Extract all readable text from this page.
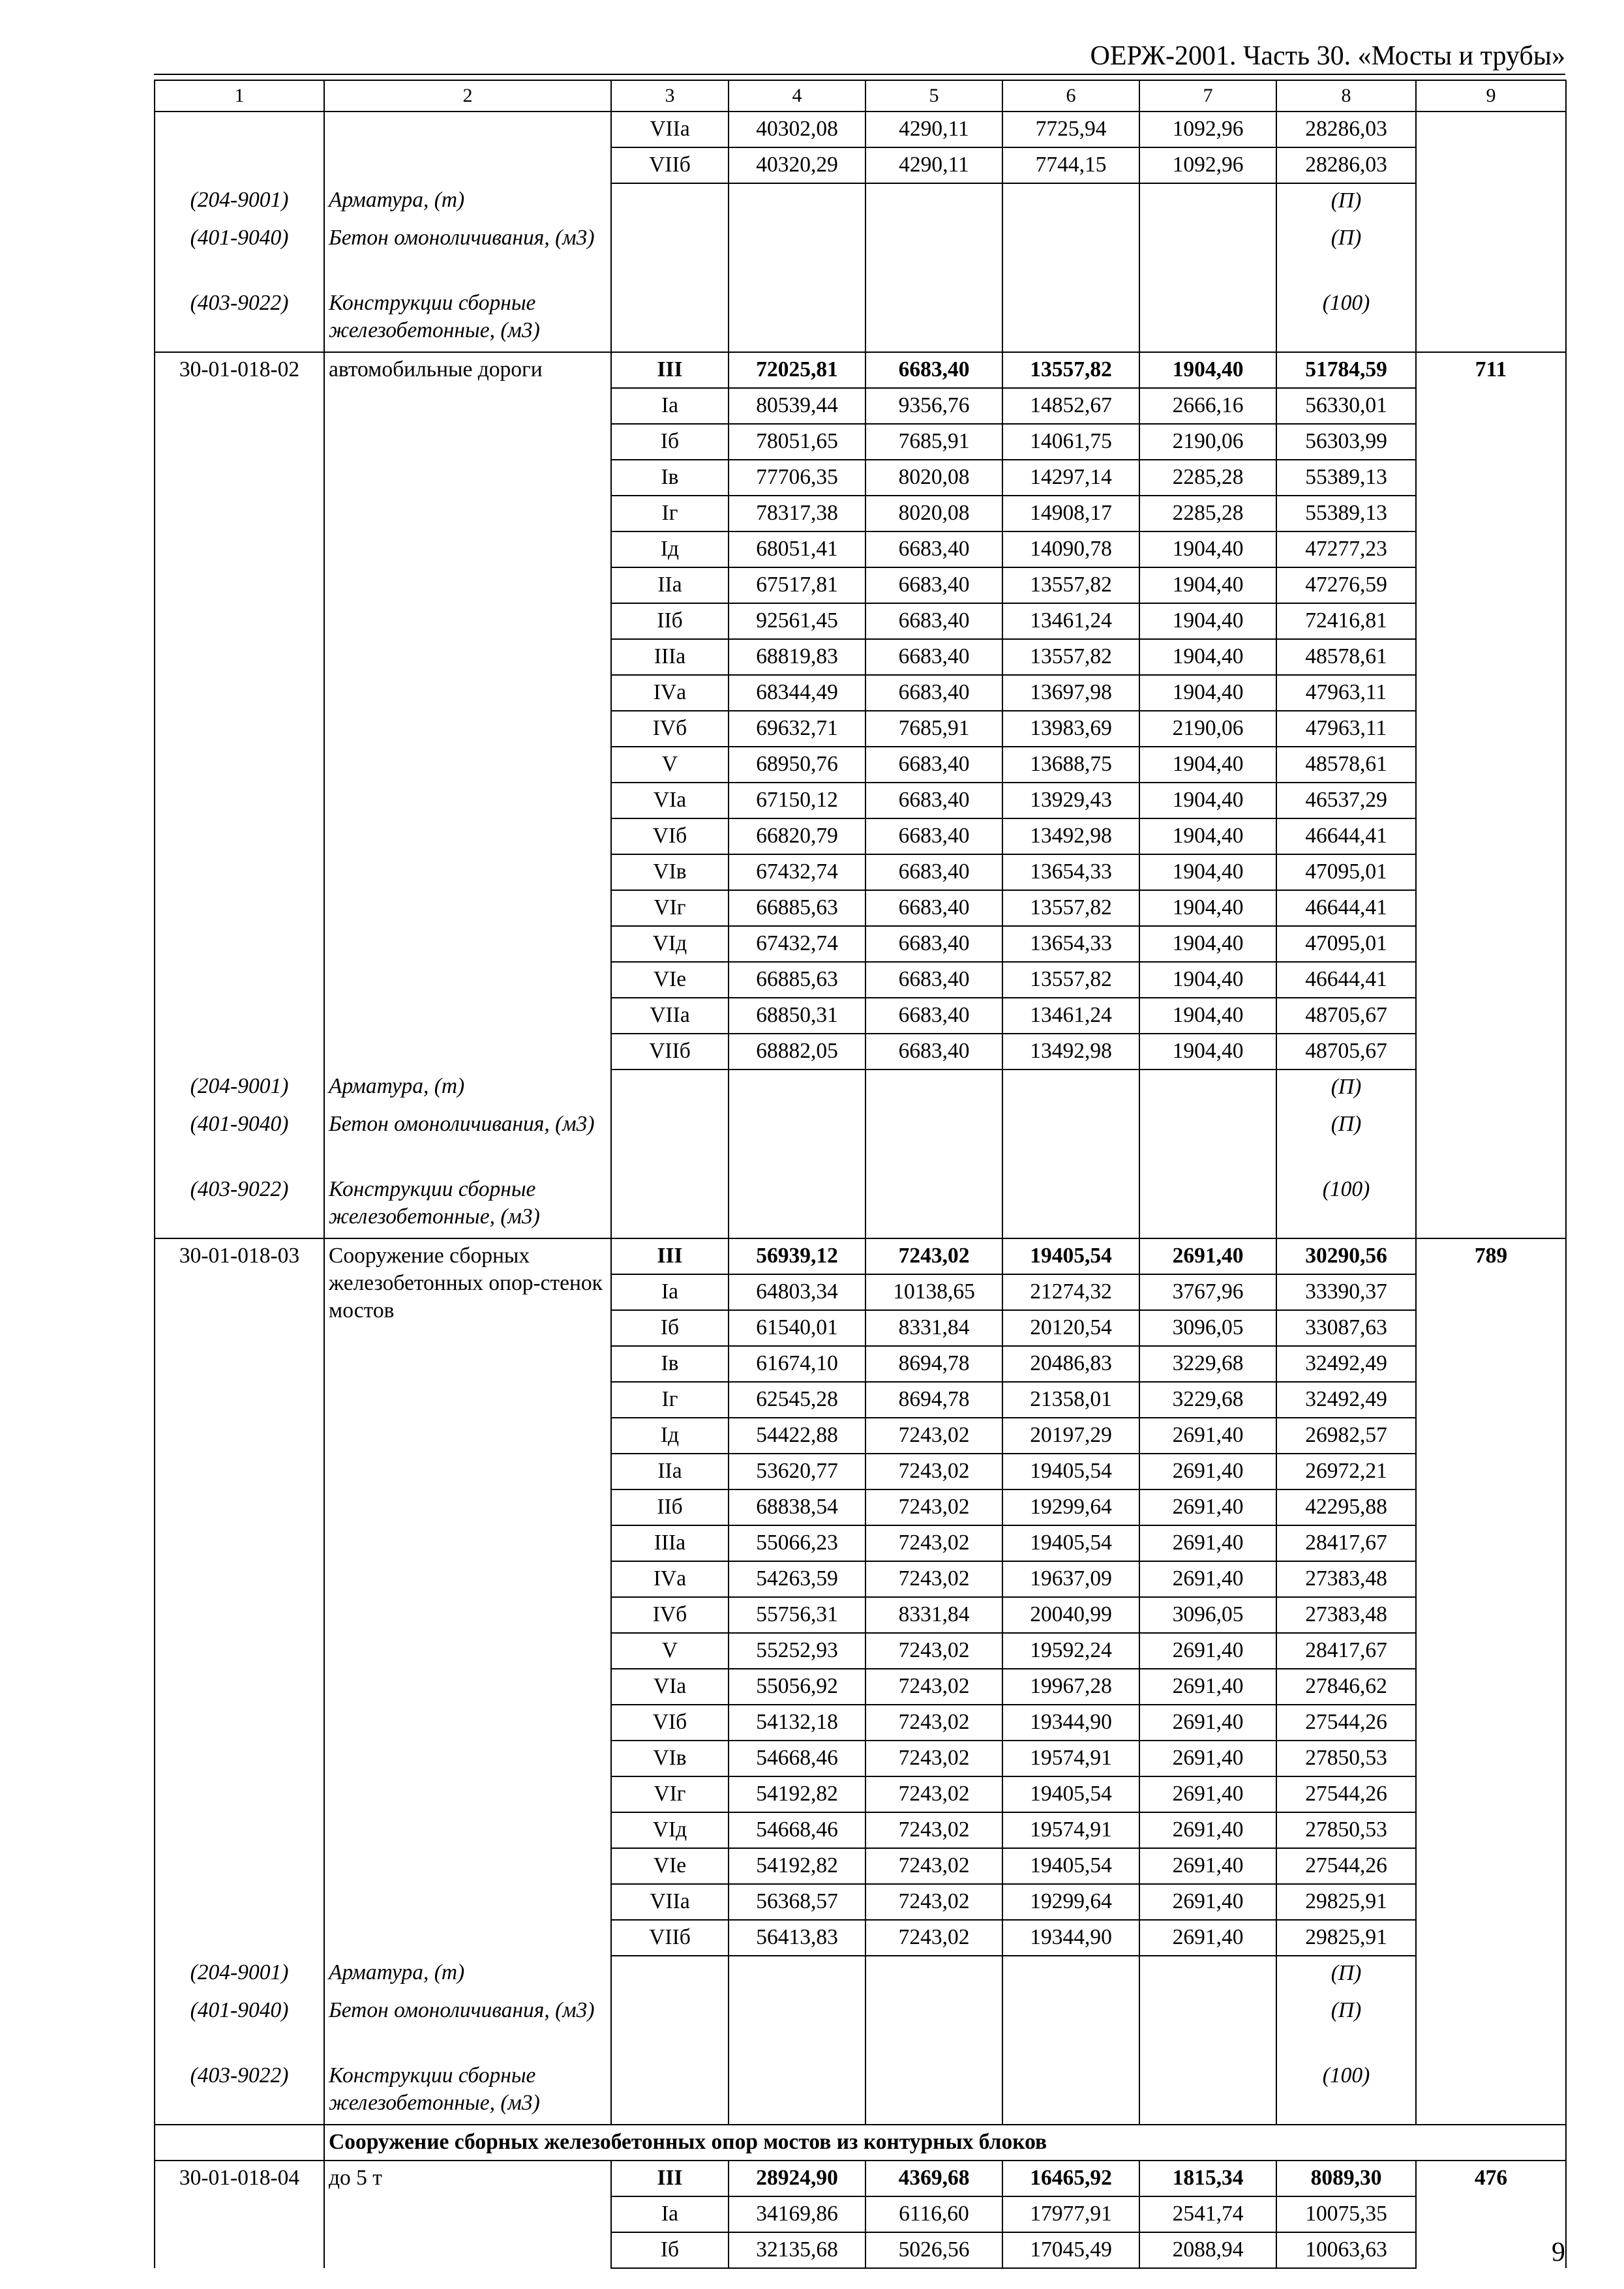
ОЕРЖ-2001. Часть 30. «Мосты и трубы»
1	2	3	4	5	6	7	8	9
		VIIа	40302,08	4290,11	7725,94	1092,96	28286,03	
		VIIб	40320,29	4290,11	7744,15	1092,96	28286,03	
(204-9001)	Арматура, (т)						(П)	
(401-9040)	Бетон омоноличивания, (м3)						(П)	
(403-9022)	Конструкции сборные железобетонные, (м3)						(100)	
30-01-018-02	автомобильные дороги	III	72025,81	6683,40	13557,82	1904,40	51784,59	711
		Iа	80539,44	9356,76	14852,67	2666,16	56330,01	
		Iб	78051,65	7685,91	14061,75	2190,06	56303,99	
		Iв	77706,35	8020,08	14297,14	2285,28	55389,13	
		Iг	78317,38	8020,08	14908,17	2285,28	55389,13	
		Iд	68051,41	6683,40	14090,78	1904,40	47277,23	
		IIа	67517,81	6683,40	13557,82	1904,40	47276,59	
		IIб	92561,45	6683,40	13461,24	1904,40	72416,81	
		IIIа	68819,83	6683,40	13557,82	1904,40	48578,61	
		IVа	68344,49	6683,40	13697,98	1904,40	47963,11	
		IVб	69632,71	7685,91	13983,69	2190,06	47963,11	
		V	68950,76	6683,40	13688,75	1904,40	48578,61	
		VIа	67150,12	6683,40	13929,43	1904,40	46537,29	
		VIб	66820,79	6683,40	13492,98	1904,40	46644,41	
		VIв	67432,74	6683,40	13654,33	1904,40	47095,01	
		VIг	66885,63	6683,40	13557,82	1904,40	46644,41	
		VIд	67432,74	6683,40	13654,33	1904,40	47095,01	
		VIе	66885,63	6683,40	13557,82	1904,40	46644,41	
		VIIа	68850,31	6683,40	13461,24	1904,40	48705,67	
		VIIб	68882,05	6683,40	13492,98	1904,40	48705,67	
(204-9001)	Арматура, (т)						(П)	
(401-9040)	Бетон омоноличивания, (м3)						(П)	
(403-9022)	Конструкции сборные железобетонные, (м3)						(100)	
30-01-018-03	Сооружение сборных железобетонных опор-стенок мостов	III	56939,12	7243,02	19405,54	2691,40	30290,56	789
		Iа	64803,34	10138,65	21274,32	3767,96	33390,37	
		Iб	61540,01	8331,84	20120,54	3096,05	33087,63	
		Iв	61674,10	8694,78	20486,83	3229,68	32492,49	
		Iг	62545,28	8694,78	21358,01	3229,68	32492,49	
		Iд	54422,88	7243,02	20197,29	2691,40	26982,57	
		IIа	53620,77	7243,02	19405,54	2691,40	26972,21	
		IIб	68838,54	7243,02	19299,64	2691,40	42295,88	
		IIIа	55066,23	7243,02	19405,54	2691,40	28417,67	
		IVа	54263,59	7243,02	19637,09	2691,40	27383,48	
		IVб	55756,31	8331,84	20040,99	3096,05	27383,48	
		V	55252,93	7243,02	19592,24	2691,40	28417,67	
		VIа	55056,92	7243,02	19967,28	2691,40	27846,62	
		VIб	54132,18	7243,02	19344,90	2691,40	27544,26	
		VIв	54668,46	7243,02	19574,91	2691,40	27850,53	
		VIг	54192,82	7243,02	19405,54	2691,40	27544,26	
		VIд	54668,46	7243,02	19574,91	2691,40	27850,53	
		VIе	54192,82	7243,02	19405,54	2691,40	27544,26	
		VIIа	56368,57	7243,02	19299,64	2691,40	29825,91	
		VIIб	56413,83	7243,02	19344,90	2691,40	29825,91	
(204-9001)	Арматура, (т)						(П)	
(401-9040)	Бетон омоноличивания, (м3)						(П)	
(403-9022)	Конструкции сборные железобетонные, (м3)						(100)	
	Сооружение сборных железобетонных опор мостов из контурных блоков							
30-01-018-04	до 5 т	III	28924,90	4369,68	16465,92	1815,34	8089,30	476
		Iа	34169,86	6116,60	17977,91	2541,74	10075,35	
		Iб	32135,68	5026,56	17045,49	2088,94	10063,63		9
